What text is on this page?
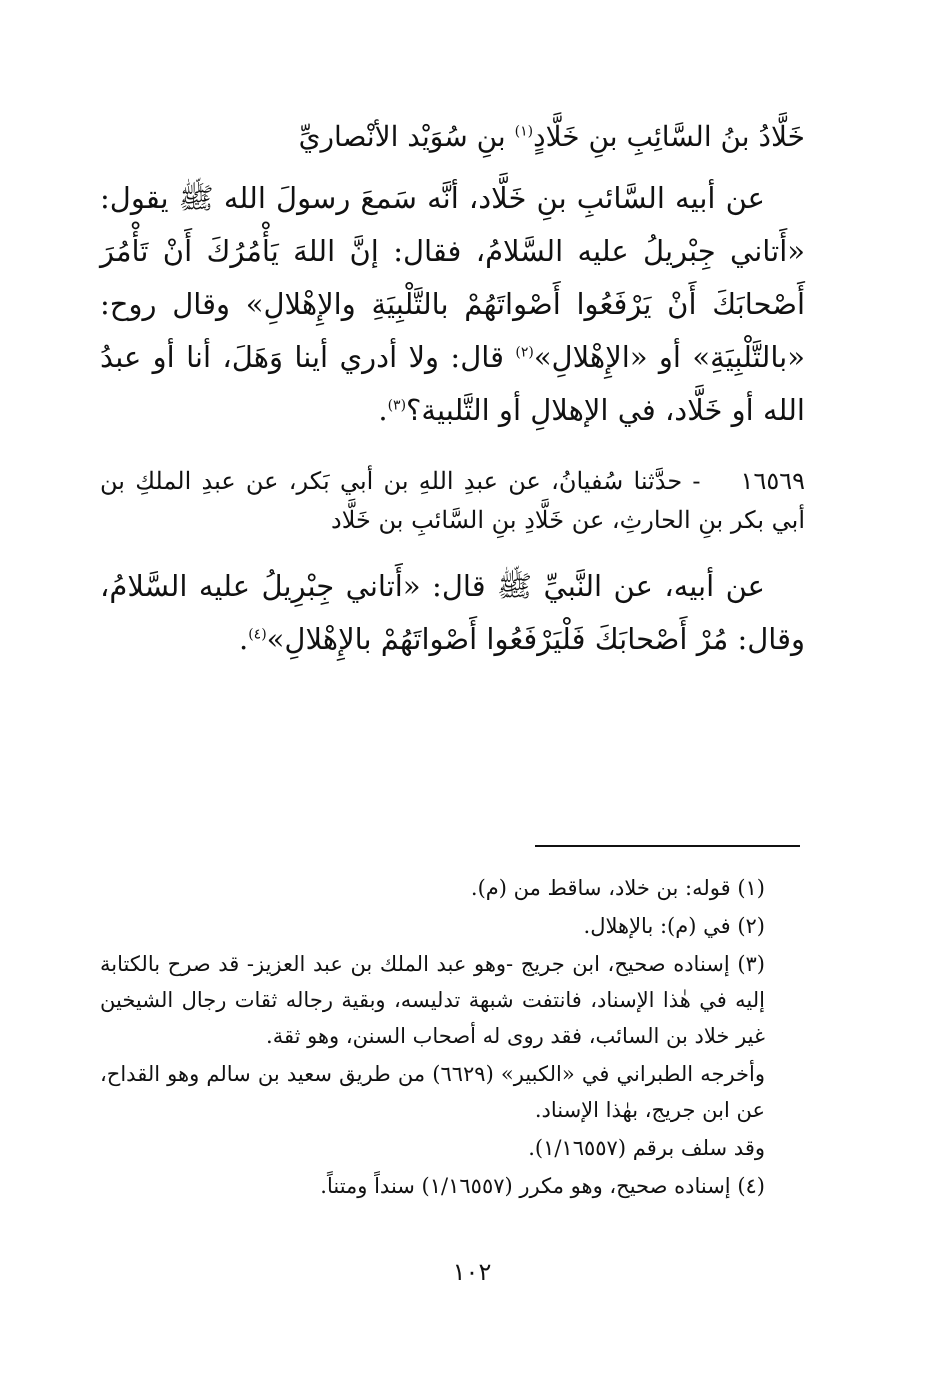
خَلَّادُ بنُ السَّائِبِ بنِ خَلَّادٍ$^{(١)}$ بنِ سُوَيْد الأنْصاريِّ
عن أبيه السَّائبِ بنِ خَلَّاد، أنَّه سَمعَ رسولَ الله ﷺ يقول: «أَتاني جِبْريلُ عليه السَّلامُ، فقال: إنَّ اللهَ يَأْمُرُكَ أَنْ تَأْمُرَ أَصْحابَكَ أَنْ يَرْفَعُوا أَصْواتَهُمْ بالتَّلْبِيَةِ والإِهْلالِ» وقال روح: «بالتَّلْبِيَةِ» أو «الإِهْلالِ»$^{(٢)}$ قال: ولا أدري أينا وَهَلَ، أنا أو عبدُ الله أو خَلَّاد، في الإهلالِ أو التَّلبية؟$^{(٣)}$.
١٦٥٦٩- حدَّثنا سُفيانُ، عن عبدِ اللهِ بن أبي بَكر، عن عبدِ الملكِ بن أبي بكر بنِ الحارثِ، عن خَلَّادِ بنِ السَّائبِ بن خَلَّاد
عن أبيه، عن النَّبيِّ ﷺ قال: «أَتاني جِبْرِيلُ عليه السَّلامُ، وقال: مُرْ أَصْحابَكَ فَلْيَرْفَعُوا أَصْواتَهُمْ بالإِهْلالِ»$^{(٤)}$.
(١) قوله: بن خلاد، ساقط من (م).
(٢) في (م): بالإهلال.
(٣) إسناده صحيح، ابن جريج -وهو عبد الملك بن عبد العزيز- قد صرح بالكتابة إليه في هٰذا الإسناد، فانتفت شبهة تدليسه، وبقية رجاله ثقات رجال الشيخين غير خلاد بن السائب، فقد روى له أصحاب السنن، وهو ثقة.
وأخرجه الطبراني في «الكبير» (٦٦٢٩) من طريق سعيد بن سالم وهو القداح، عن ابن جريج، بهٰذا الإسناد.
وقد سلف برقم (١/١٦٥٥٧).
(٤) إسناده صحيح، وهو مكرر (١/١٦٥٥٧) سنداً ومتناً.
١٠٢
